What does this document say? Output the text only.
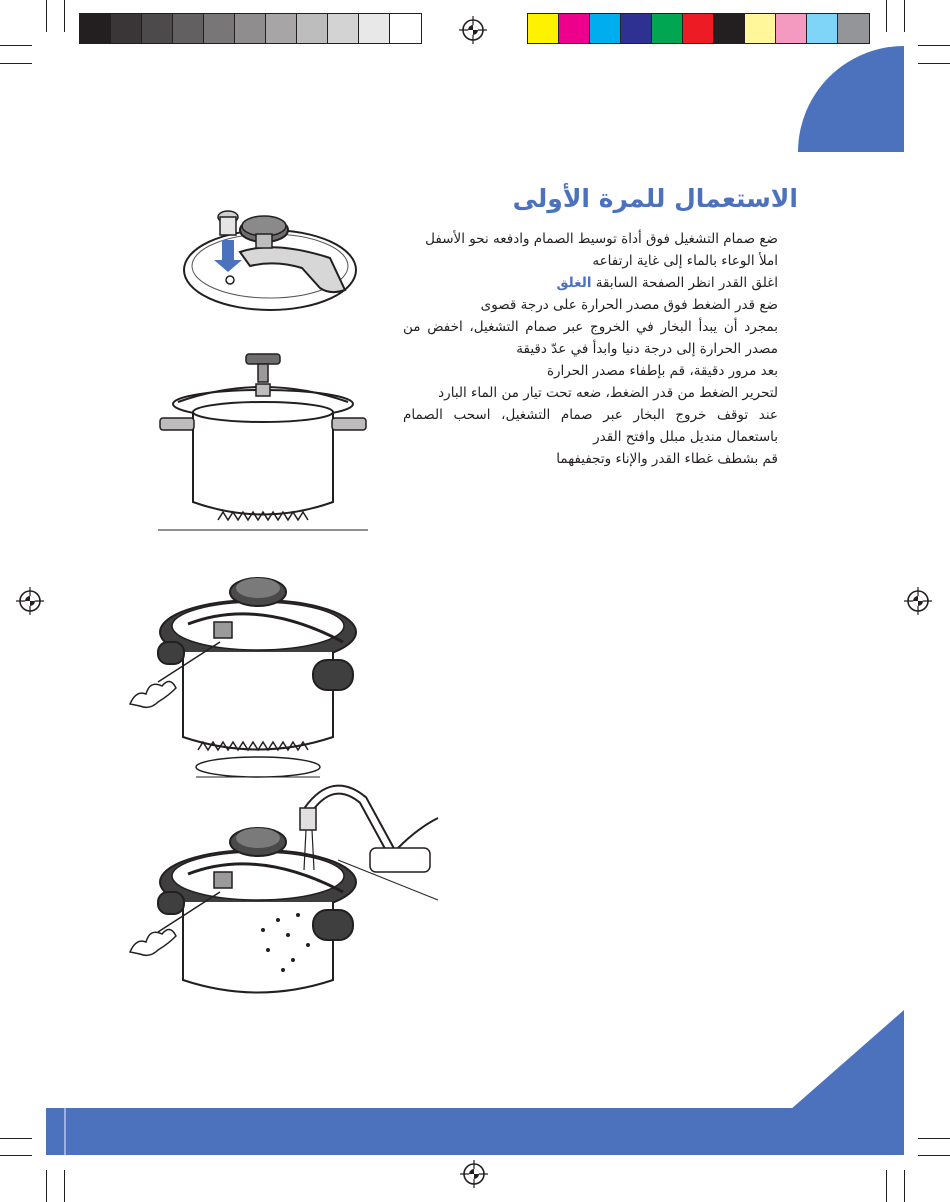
الاستعمال للمرة الأولى

ضع صمام التشغيل فوق أداة توسيط الصمام وادفعه نحو الأسفل

املأ الوعاء بالماء إلى غاية ارتفاعه

اغلق القدر انظر الصفحة السابقة الغلق

ضع قدر الضغط فوق مصدر الحرارة على درجة قصوى

بمجرد أن يبدأ البخار في الخروج عبر صمام التشغيل، اخفض من مصدر الحرارة إلى درجة دنيا وابدأ في عدّ دقيقة

بعد مرور دقيقة، قم بإطفاء مصدر الحرارة

لتحرير الضغط من قدر الضغط، ضعه تحت تيار من الماء البارد

عند توقف خروج البخار عبر صمام التشغيل، اسحب الصمام باستعمال منديل مبلل وافتح القدر

قم بشطف غطاء القدر والإناء وتجفيفهما
